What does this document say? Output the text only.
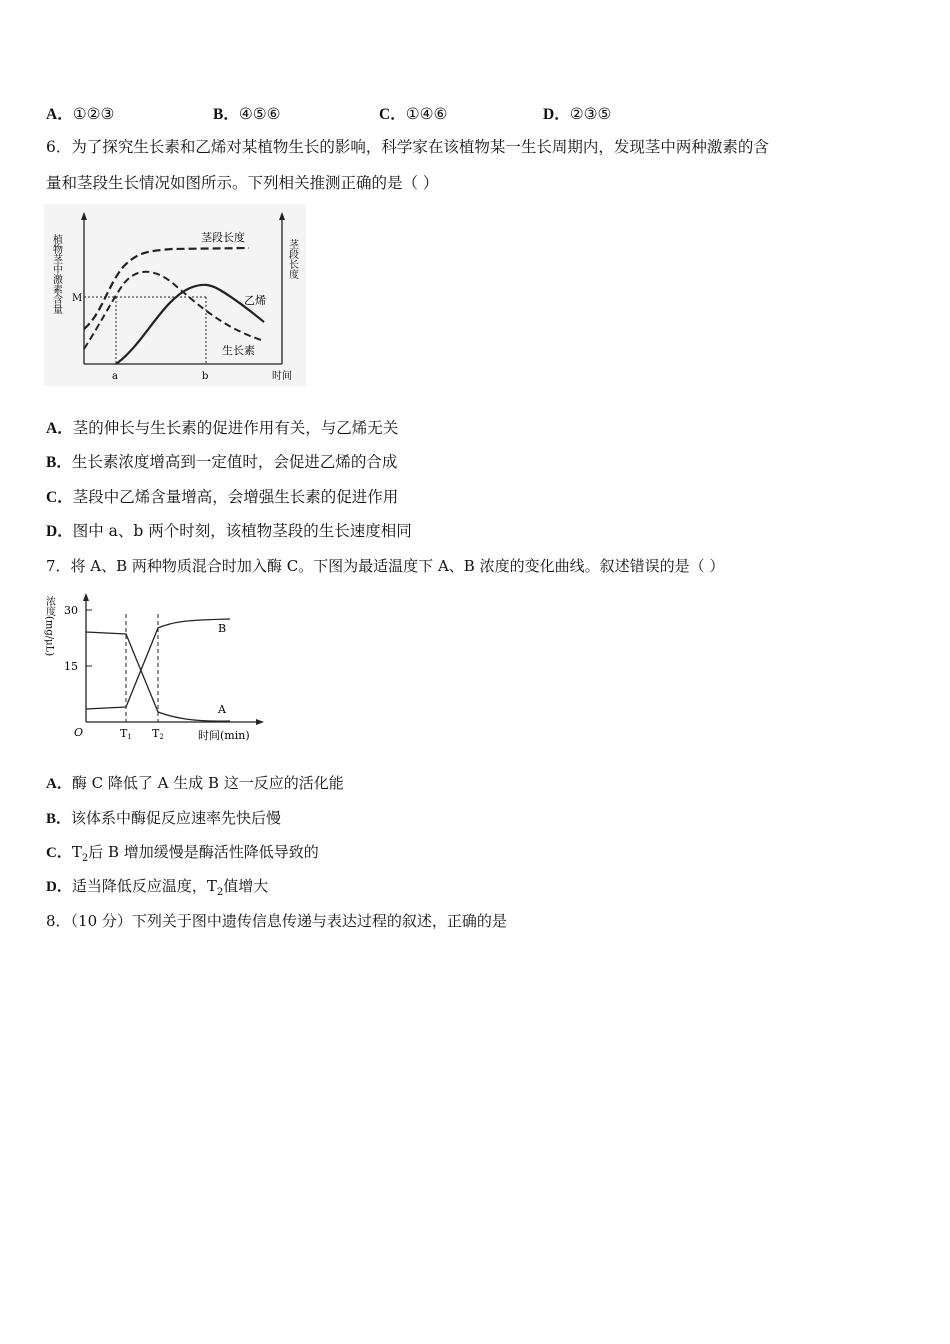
A．①②③	B．④⑤⑥	C．①④⑥	D．②③⑤
6．为了探究生长素和乙烯对某植物生长的影响，科学家在该植物某一生长周期内，发现茎中两种激素的含
量和茎段生长情况如图所示。下列相关推测正确的是（ ）
茎段长度
乙烯
生长素
M
a	b	时间
植物茎中激素含量	茎段长度
A．茎的伸长与生长素的促进作用有关，与乙烯无关
B．生长素浓度增高到一定值时，会促进乙烯的合成
C．茎段中乙烯含量增高，会增强生长素的促进作用
D．图中 a、b 两个时刻，该植物茎段的生长速度相同
7．将 A、B 两种物质混合时加入酶 C。下图为最适温度下 A、B 浓度的变化曲线。叙述错误的是（ ）
30
15
O	T1 T2	时间(min)
B
A
浓度(mg/μL)
A．酶 C 降低了 A 生成 B 这一反应的活化能
B．该体系中酶促反应速率先快后慢
C．$T_2$后 B 增加缓慢是酶活性降低导致的
D．适当降低反应温度，$T_2$值增大
8．（10 分）下列关于图中遗传信息传递与表达过程的叙述，正确的是
